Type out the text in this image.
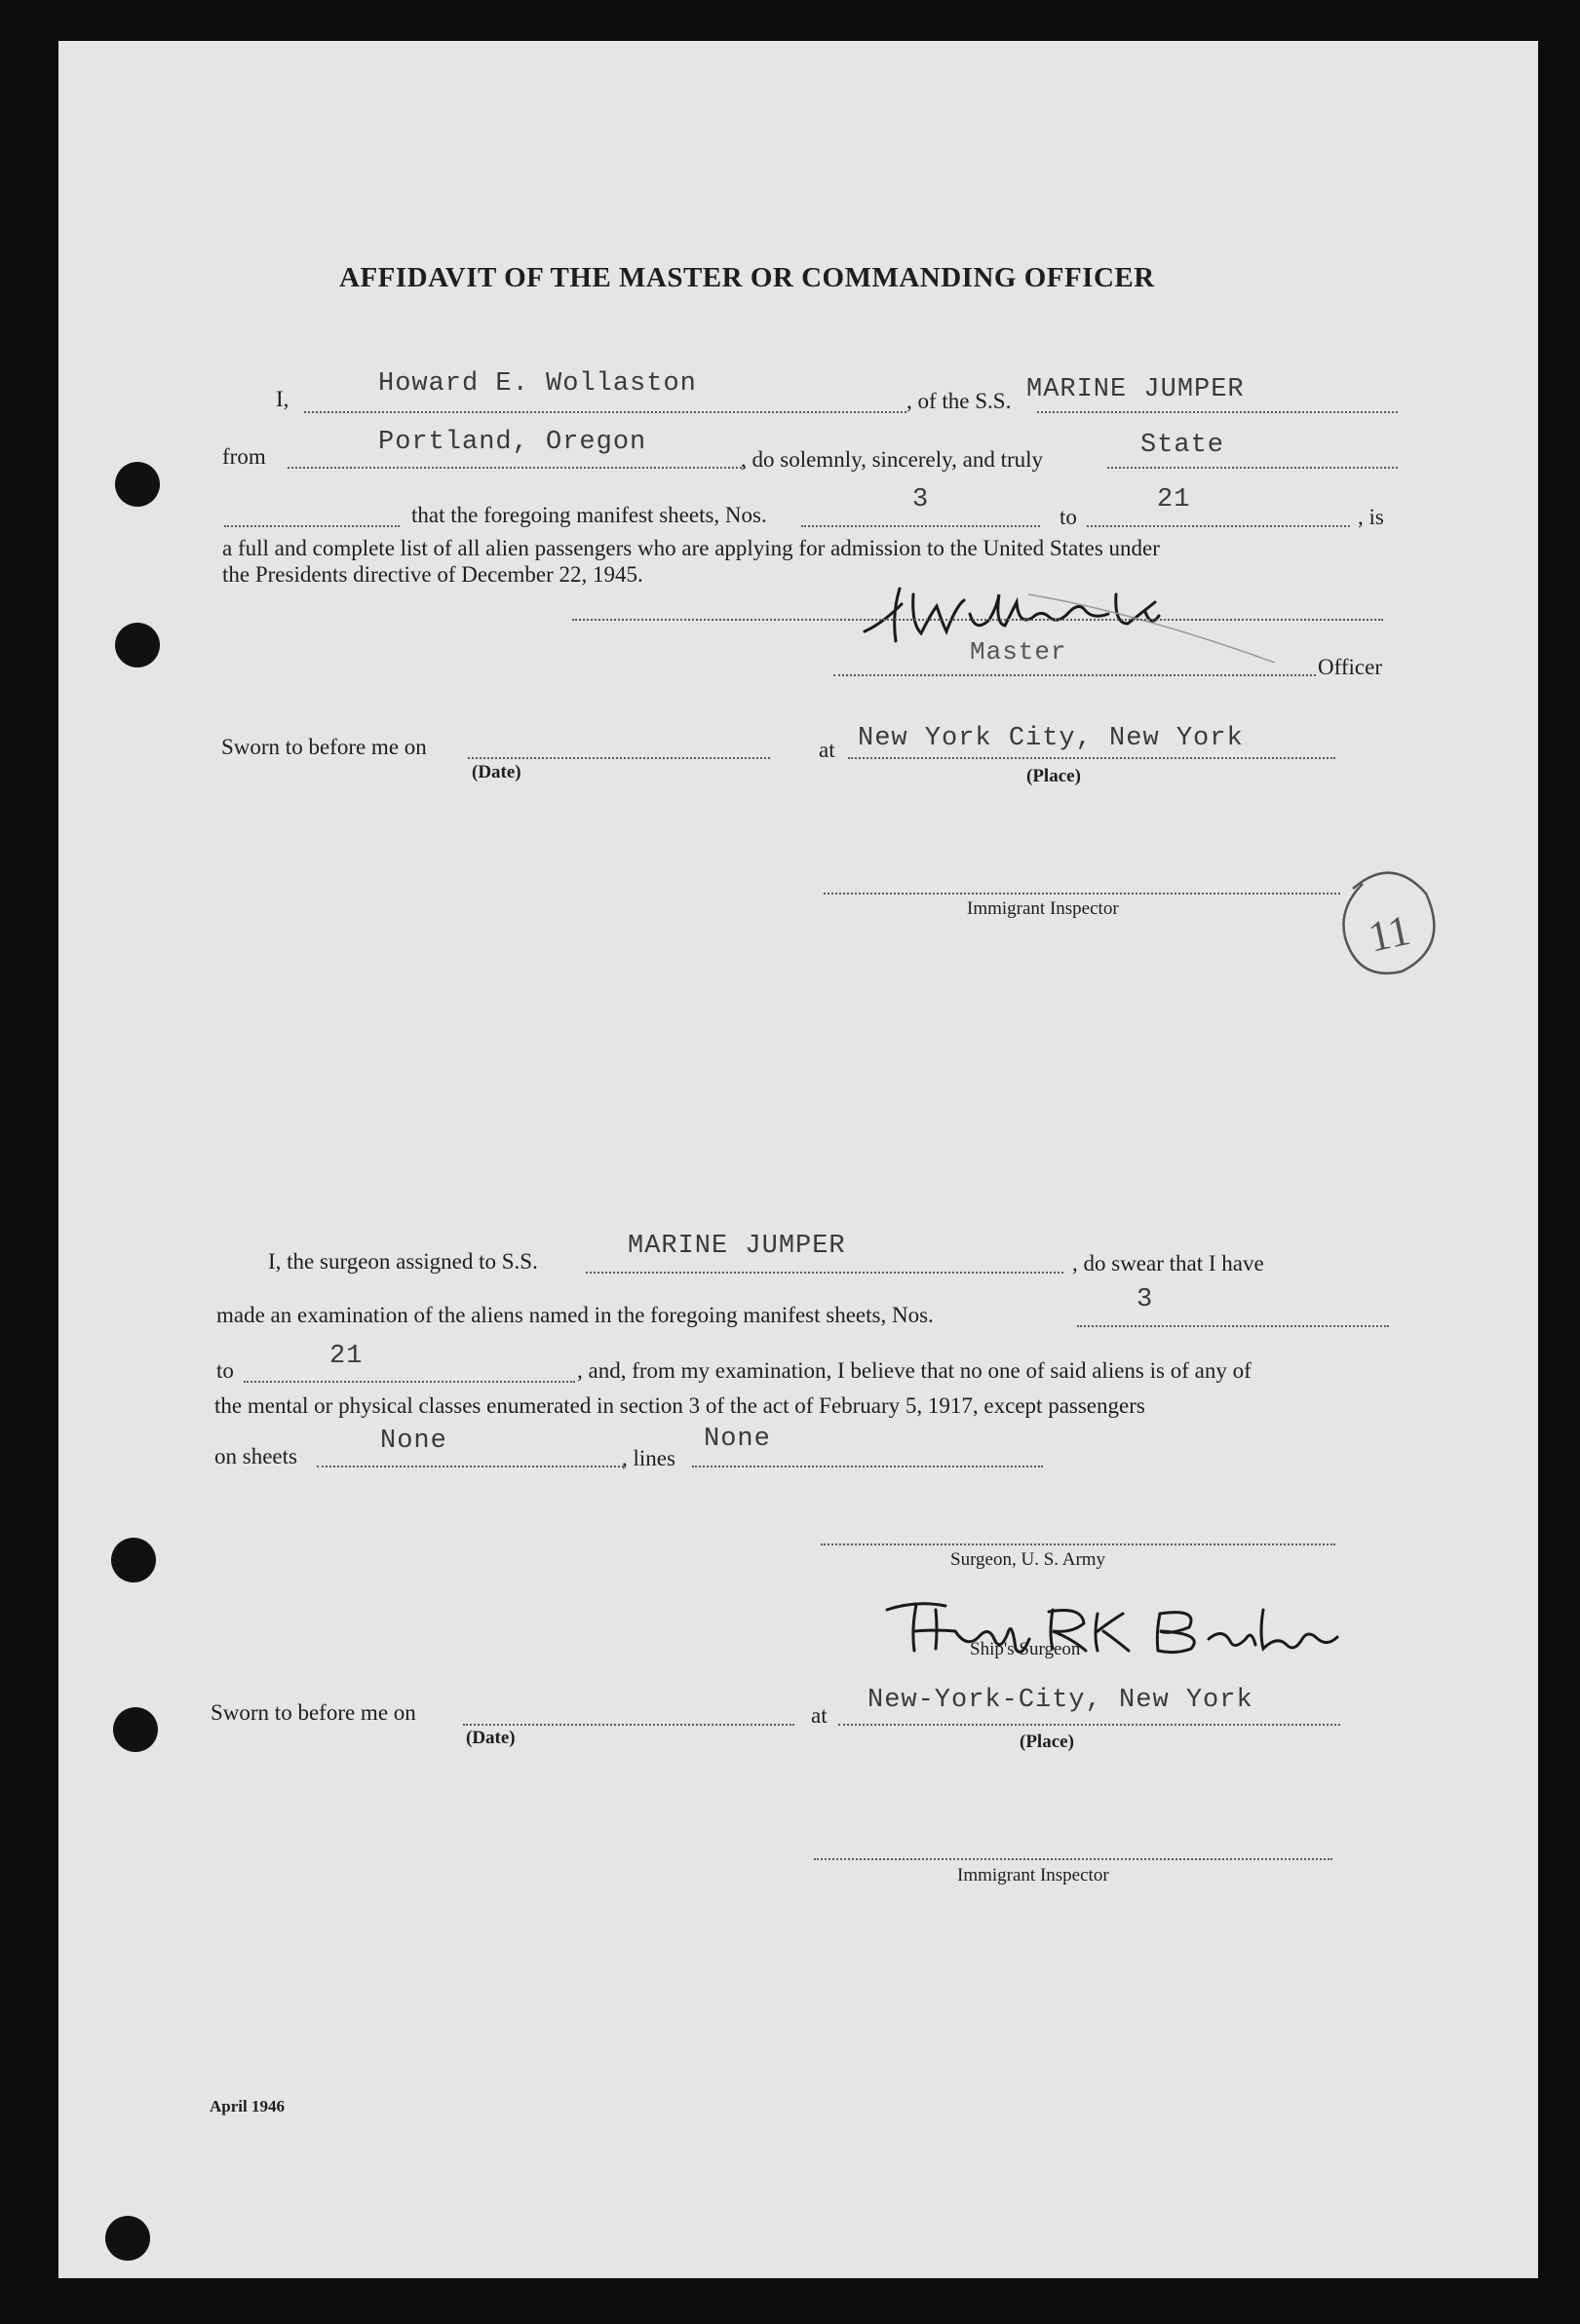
AFFIDAVIT OF THE MASTER OR COMMANDING OFFICER
I,
Howard E. Wollaston
, of the S.S. MARINE JUMPER
from	Portland, Oregon
, do solemnly, sincerely, and truly	State
that the foregoing manifest sheets, Nos.
3
to
21
, is
a full and complete list of all alien passengers who are applying for admission to the United States under
the Presidents directive of December 22, 1945.
Master
Officer
Sworn to before me on
(Date)
at New York City, New York
(Place)
Immigrant Inspector	11
I, the surgeon assigned to S.S.
MARINE JUMPER
, do swear that I have
made an examination of the aliens named in the foregoing manifest sheets, Nos.
3
to	21	, and, from my examination, I believe that no one of said aliens is of any of
the mental or physical classes enumerated in section 3 of the act of February 5, 1917, except passengers
on sheets
None
, lines
None
Surgeon, U. S. Army
Ship's Surgeon
Sworn to before me on
(Date)
at
New-York-City, New York
(Place)
Immigrant Inspector
April 1946
